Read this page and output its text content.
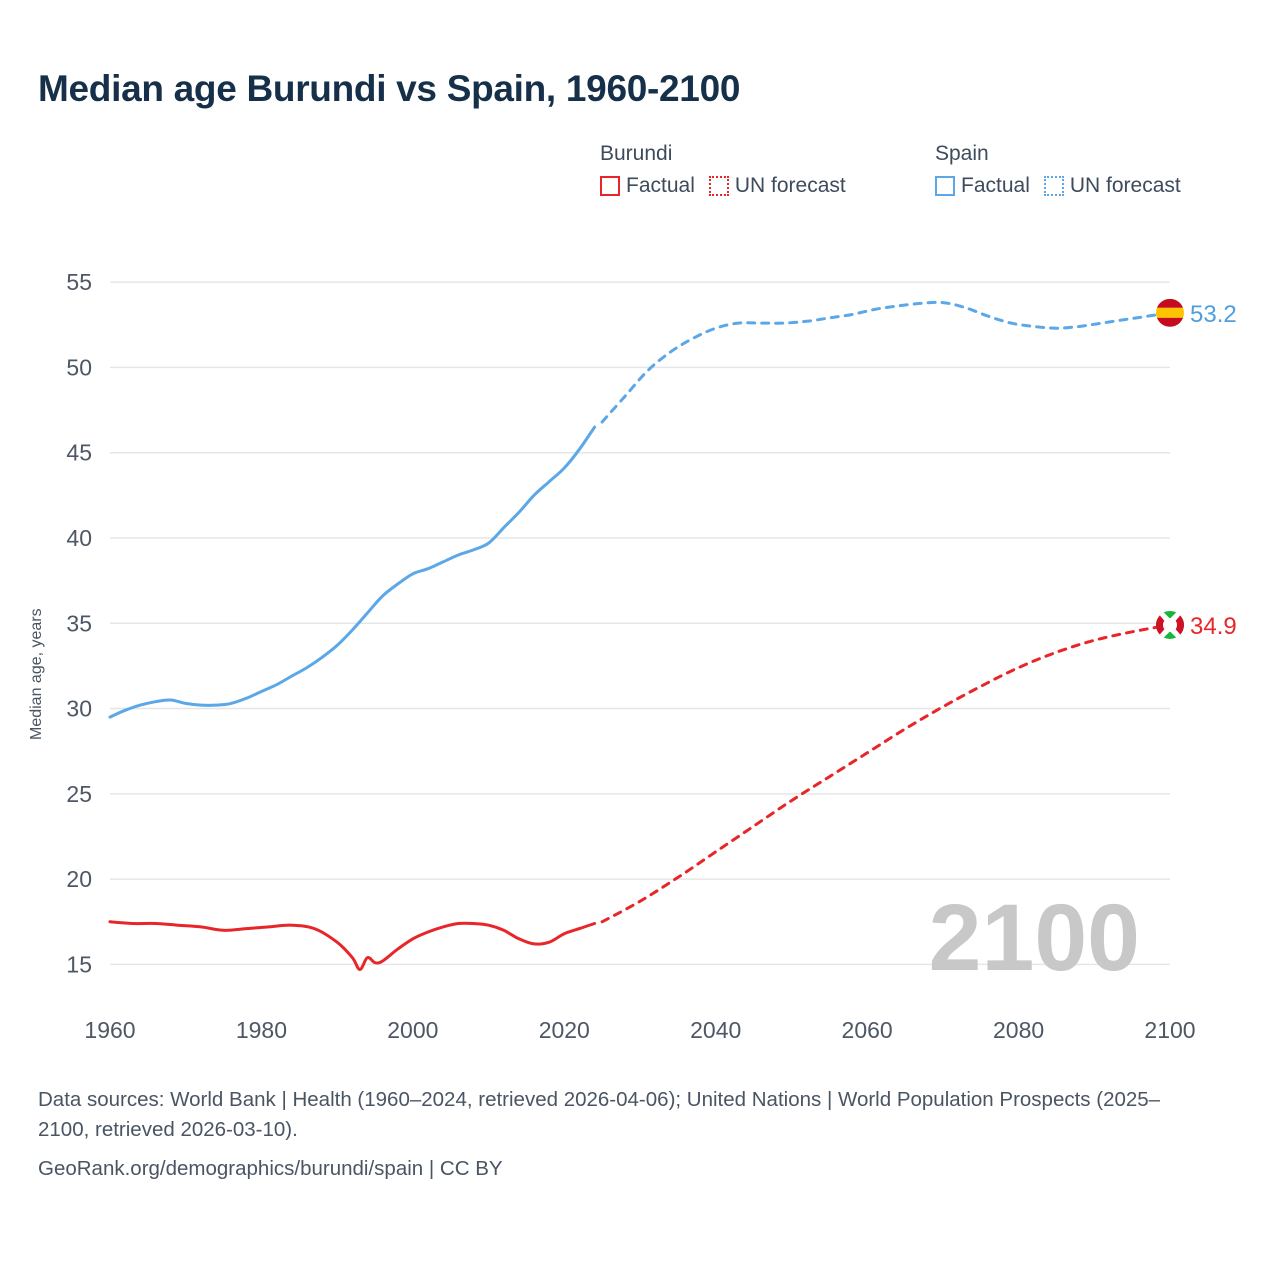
Median age Burundi vs Spain, 1960-2100
Burundi
Factual UN forecast
Spain
Factual UN forecast
Median age, years
15
20
25
30
35
40
45
50
55
1960	1980	2000	2020	2040	2060	2080	2100
2100
53.2
34.9
Data sources: World Bank | Health (1960–2024, retrieved 2026-04-06); United Nations | World Population Prospects (2025–2100, retrieved 2026-03-10).
GeoRank.org/demographics/burundi/spain | CC BY
